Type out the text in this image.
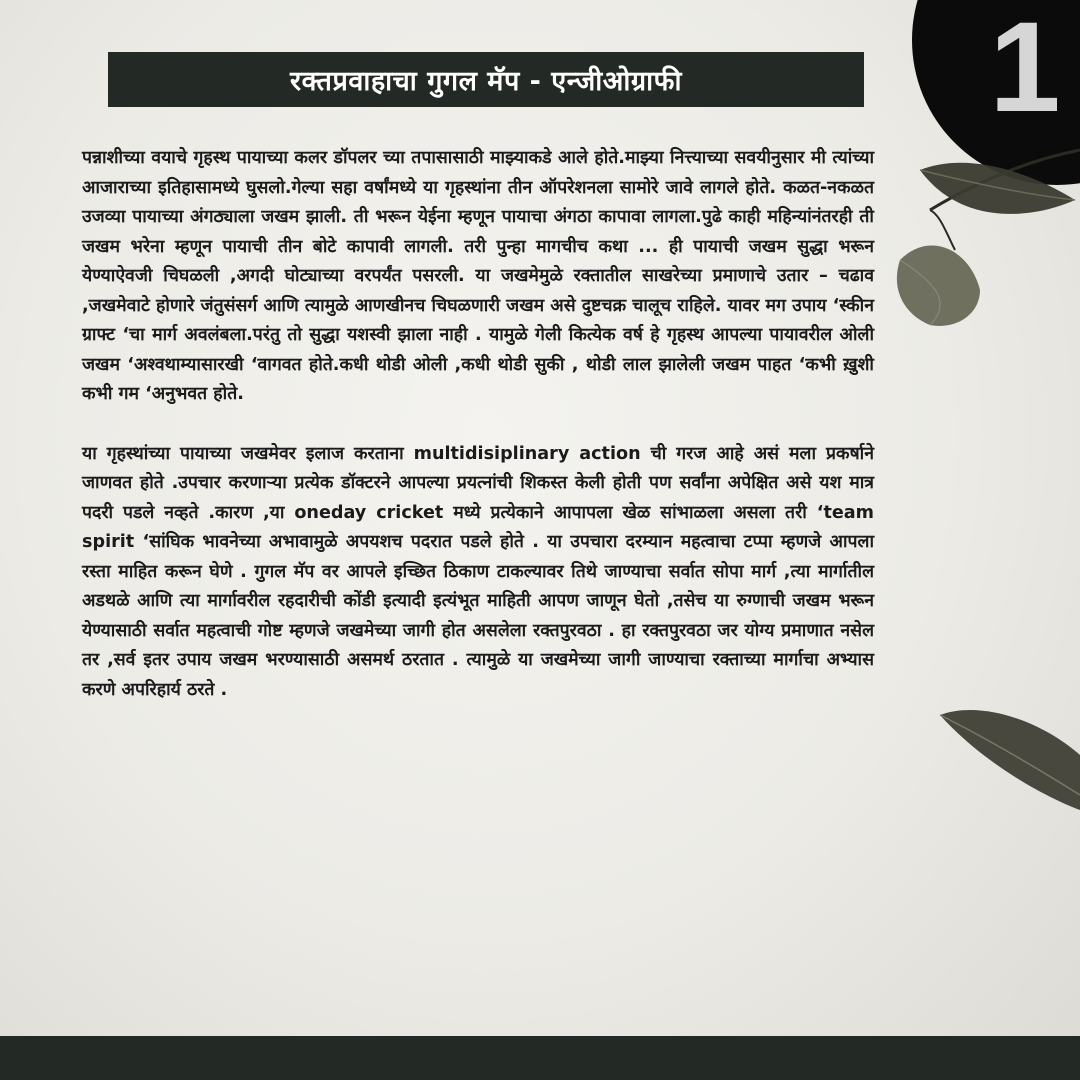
1
रक्तप्रवाहाचा गुगल मॅप - एन्जीओग्राफी

पन्नाशीच्या वयाचे गृहस्थ पायाच्या कलर डॉपलर च्या तपासासाठी माझ्याकडे आले होते.माझ्या नित्त्याच्या सवयीनुसार मी त्यांच्या आजाराच्या इतिहासामध्ये घुसलो.गेल्या सहा वर्षांमध्ये या गृहस्थांना तीन ऑपरेशनला सामोरे जावे लागले होते. कळत-नकळत उजव्या पायाच्या अंगठ्याला जखम झाली. ती भरून येईना म्हणून पायाचा अंगठा कापावा लागला.पुढे काही महिन्यांनंतरही ती जखम भरेना म्हणून पायाची तीन बोटे कापावी लागली. तरी पुन्हा मागचीच कथा ... ही पायाची जखम सुद्धा भरून येण्याऐवजी चिघळली ,अगदी घोट्याच्या वरपर्यंत पसरली. या जखमेमुळे रक्तातील साखरेच्या प्रमाणाचे उतार – चढाव ,जखमेवाटे होणारे जंतुसंसर्ग आणि त्यामुळे आणखीनच चिघळणारी जखम असे दुष्टचक्र चालूच राहिले. यावर मग उपाय ‘स्कीन ग्राफ्ट ‘चा मार्ग अवलंबला.परंतु तो सुद्धा यशस्वी झाला नाही . यामुळे गेली कित्येक वर्ष हे गृहस्थ आपल्या पायावरील ओली जखम ‘अश्वथाम्यासारखी ‘वागवत होते.कधी थोडी ओली ,कधी थोडी सुकी , थोडी लाल झालेली जखम पाहत ‘कभी ख़ुशी कभी गम ‘अनुभवत होते.

या गृहस्थांच्या पायाच्या जखमेवर इलाज करताना multidisiplinary action ची गरज आहे असं मला प्रकर्षाने जाणवत होते .उपचार करणाऱ्या प्रत्येक डॉक्टरने आपल्या प्रयत्नांची शिकस्त केली होती पण सर्वांना अपेक्षित असे यश मात्र पदरी पडले नव्हते .कारण ,या oneday cricket मध्ये प्रत्येकाने आपापला खेळ सांभाळला असला तरी ‘team spirit ‘सांघिक भावनेच्या अभावामुळे अपयशच पदरात पडले होते . या उपचारा दरम्यान महत्वाचा टप्पा म्हणजे आपला रस्ता माहित करून घेणे . गुगल मॅप वर आपले इच्छित ठिकाण टाकल्यावर तिथे जाण्याचा सर्वात सोपा मार्ग ,त्या मार्गातील अडथळे आणि त्या मार्गावरील रहदारीची कोंडी इत्यादी इत्यंभूत माहिती आपण जाणून घेतो ,तसेच या रुग्णाची जखम भरून येण्यासाठी सर्वात महत्वाची गोष्ट म्हणजे जखमेच्या जागी होत असलेला रक्तपुरवठा . हा रक्तपुरवठा जर योग्य प्रमाणात नसेल तर ,सर्व इतर उपाय जखम भरण्यासाठी असमर्थ ठरतात . त्यामुळे या जखमेच्या जागी जाण्याचा रक्ताच्या मार्गाचा अभ्यास करणे अपरिहार्य ठरते .
